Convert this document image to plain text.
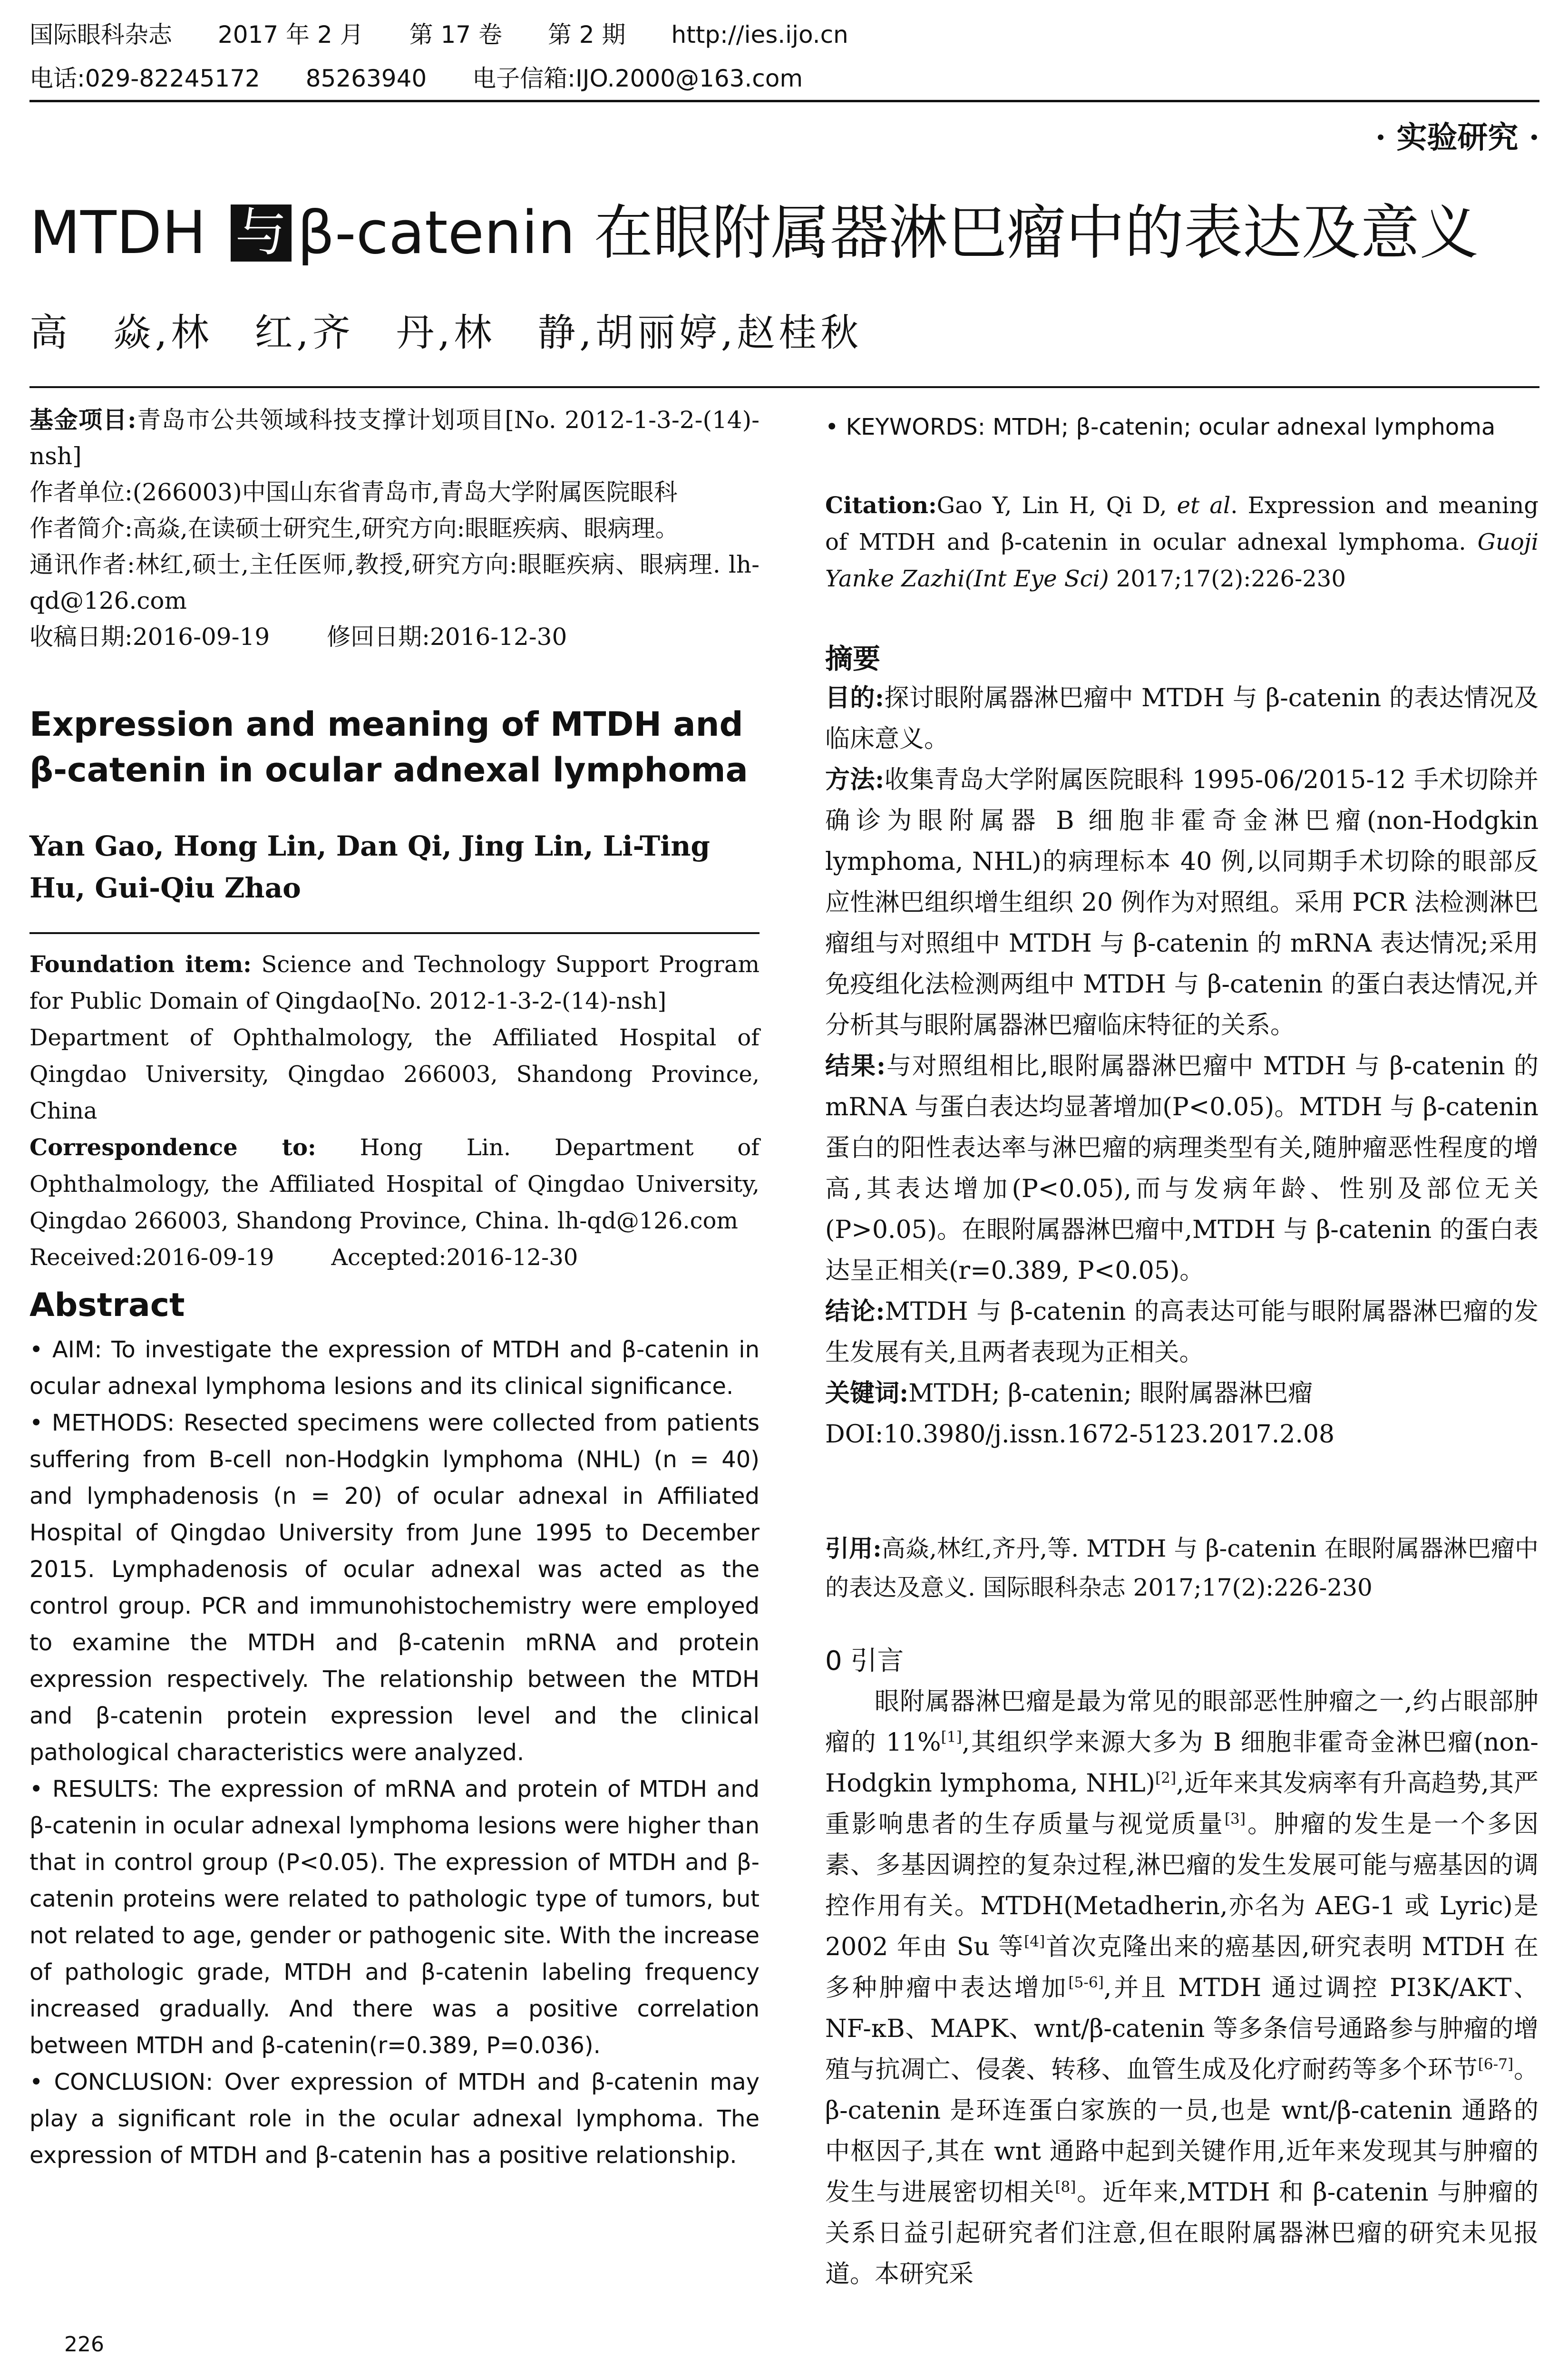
国际眼科杂志 2017 年 2 月 第 17 卷 第 2 期 http://ies.ijo.cn
电话:029-82245172 85263940 电子信箱:IJO.2000@163.com
· 实验研究 ·
MTDH 与 β-catenin 在眼附属器淋巴瘤中的表达及意义
高　焱,林　红,齐　丹,林　静,胡丽婷,赵桂秋

基金项目:青岛市公共领域科技支撑计划项目[No. 2012-1-3-2-(14)-nsh]

作者单位:(266003)中国山东省青岛市,青岛大学附属医院眼科

作者简介:高焱,在读硕士研究生,研究方向:眼眶疾病、眼病理。

通讯作者:林红,硕士,主任医师,教授,研究方向:眼眶疾病、眼病理. lh-qd@126.com

收稿日期:2016-09-19 修回日期:2016-12-30

Expression and meaning of MTDH and β-catenin in ocular adnexal lymphoma
Yan Gao, Hong Lin, Dan Qi, Jing Lin, Li-Ting Hu, Gui-Qiu Zhao

Foundation item: Science and Technology Support Program for Public Domain of Qingdao[No. 2012-1-3-2-(14)-nsh]

Department of Ophthalmology, the Affiliated Hospital of Qingdao University, Qingdao 266003, Shandong Province, China

Correspondence to: Hong Lin. Department of Ophthalmology, the Affiliated Hospital of Qingdao University, Qingdao 266003, Shandong Province, China. lh-qd@126.com

Received:2016-09-19	Accepted:2016-12-30

Abstract

• AIM: To investigate the expression of MTDH and β-catenin in ocular adnexal lymphoma lesions and its clinical significance.

• METHODS: Resected specimens were collected from patients suffering from B-cell non-Hodgkin lymphoma (NHL) (n = 40) and lymphadenosis (n = 20) of ocular adnexal in Affiliated Hospital of Qingdao University from June 1995 to December 2015. Lymphadenosis of ocular adnexal was acted as the control group. PCR and immunohistochemistry were employed to examine the MTDH and β-catenin mRNA and protein expression respectively. The relationship between the MTDH and β-catenin protein expression level and the clinical pathological characteristics were analyzed.

• RESULTS: The expression of mRNA and protein of MTDH and β-catenin in ocular adnexal lymphoma lesions were higher than that in control group (P<0.05). The expression of MTDH and β-catenin proteins were related to pathologic type of tumors, but not related to age, gender or pathogenic site. With the increase of pathologic grade, MTDH and β-catenin labeling frequency increased gradually. And there was a positive correlation between MTDH and β-catenin(r=0.389, P=0.036).

• CONCLUSION: Over expression of MTDH and β-catenin may play a significant role in the ocular adnexal lymphoma. The expression of MTDH and β-catenin has a positive relationship.

226
• KEYWORDS: MTDH; β-catenin; ocular adnexal lymphoma
Citation:Gao Y, Lin H, Qi D, et al. Expression and meaning of MTDH and β-catenin in ocular adnexal lymphoma. Guoji Yanke Zazhi(Int Eye Sci) 2017;17(2):226-230
摘要

目的:探讨眼附属器淋巴瘤中 MTDH 与 β-catenin 的表达情况及临床意义。

方法:收集青岛大学附属医院眼科 1995-06/2015-12 手术切除并确诊为眼附属器 B 细胞非霍奇金淋巴瘤(non-Hodgkin lymphoma, NHL)的病理标本 40 例,以同期手术切除的眼部反应性淋巴组织增生组织 20 例作为对照组。采用 PCR 法检测淋巴瘤组与对照组中 MTDH 与 β-catenin 的 mRNA 表达情况;采用免疫组化法检测两组中 MTDH 与 β-catenin 的蛋白表达情况,并分析其与眼附属器淋巴瘤临床特征的关系。

结果:与对照组相比,眼附属器淋巴瘤中 MTDH 与 β-catenin 的 mRNA 与蛋白表达均显著增加(P<0.05)。MTDH 与 β-catenin 蛋白的阳性表达率与淋巴瘤的病理类型有关,随肿瘤恶性程度的增高,其表达增加(P<0.05),而与发病年龄、性别及部位无关(P>0.05)。在眼附属器淋巴瘤中,MTDH 与 β-catenin 的蛋白表达呈正相关(r=0.389, P<0.05)。

结论:MTDH 与 β-catenin 的高表达可能与眼附属器淋巴瘤的发生发展有关,且两者表现为正相关。

关键词:MTDH; β-catenin; 眼附属器淋巴瘤

DOI:10.3980/j.issn.1672-5123.2017.2.08

引用:高焱,林红,齐丹,等. MTDH 与 β-catenin 在眼附属器淋巴瘤中的表达及意义. 国际眼科杂志 2017;17(2):226-230
0 引言
眼附属器淋巴瘤是最为常见的眼部恶性肿瘤之一,约占眼部肿瘤的 11%[1],其组织学来源大多为 B 细胞非霍奇金淋巴瘤(non-Hodgkin lymphoma, NHL)[2],近年来其发病率有升高趋势,其严重影响患者的生存质量与视觉质量[3]。肿瘤的发生是一个多因素、多基因调控的复杂过程,淋巴瘤的发生发展可能与癌基因的调控作用有关。MTDH(Metadherin,亦名为 AEG-1 或 Lyric)是 2002 年由 Su 等[4]首次克隆出来的癌基因,研究表明 MTDH 在多种肿瘤中表达增加[5-6],并且 MTDH 通过调控 PI3K/AKT、NF-κB、MAPK、wnt/β-catenin 等多条信号通路参与肿瘤的增殖与抗凋亡、侵袭、转移、血管生成及化疗耐药等多个环节[6-7]。β-catenin 是环连蛋白家族的一员,也是 wnt/β-catenin 通路的中枢因子,其在 wnt 通路中起到关键作用,近年来发现其与肿瘤的发生与进展密切相关[8]。近年来,MTDH 和 β-catenin 与肿瘤的关系日益引起研究者们注意,但在眼附属器淋巴瘤的研究未见报道。本研究采
